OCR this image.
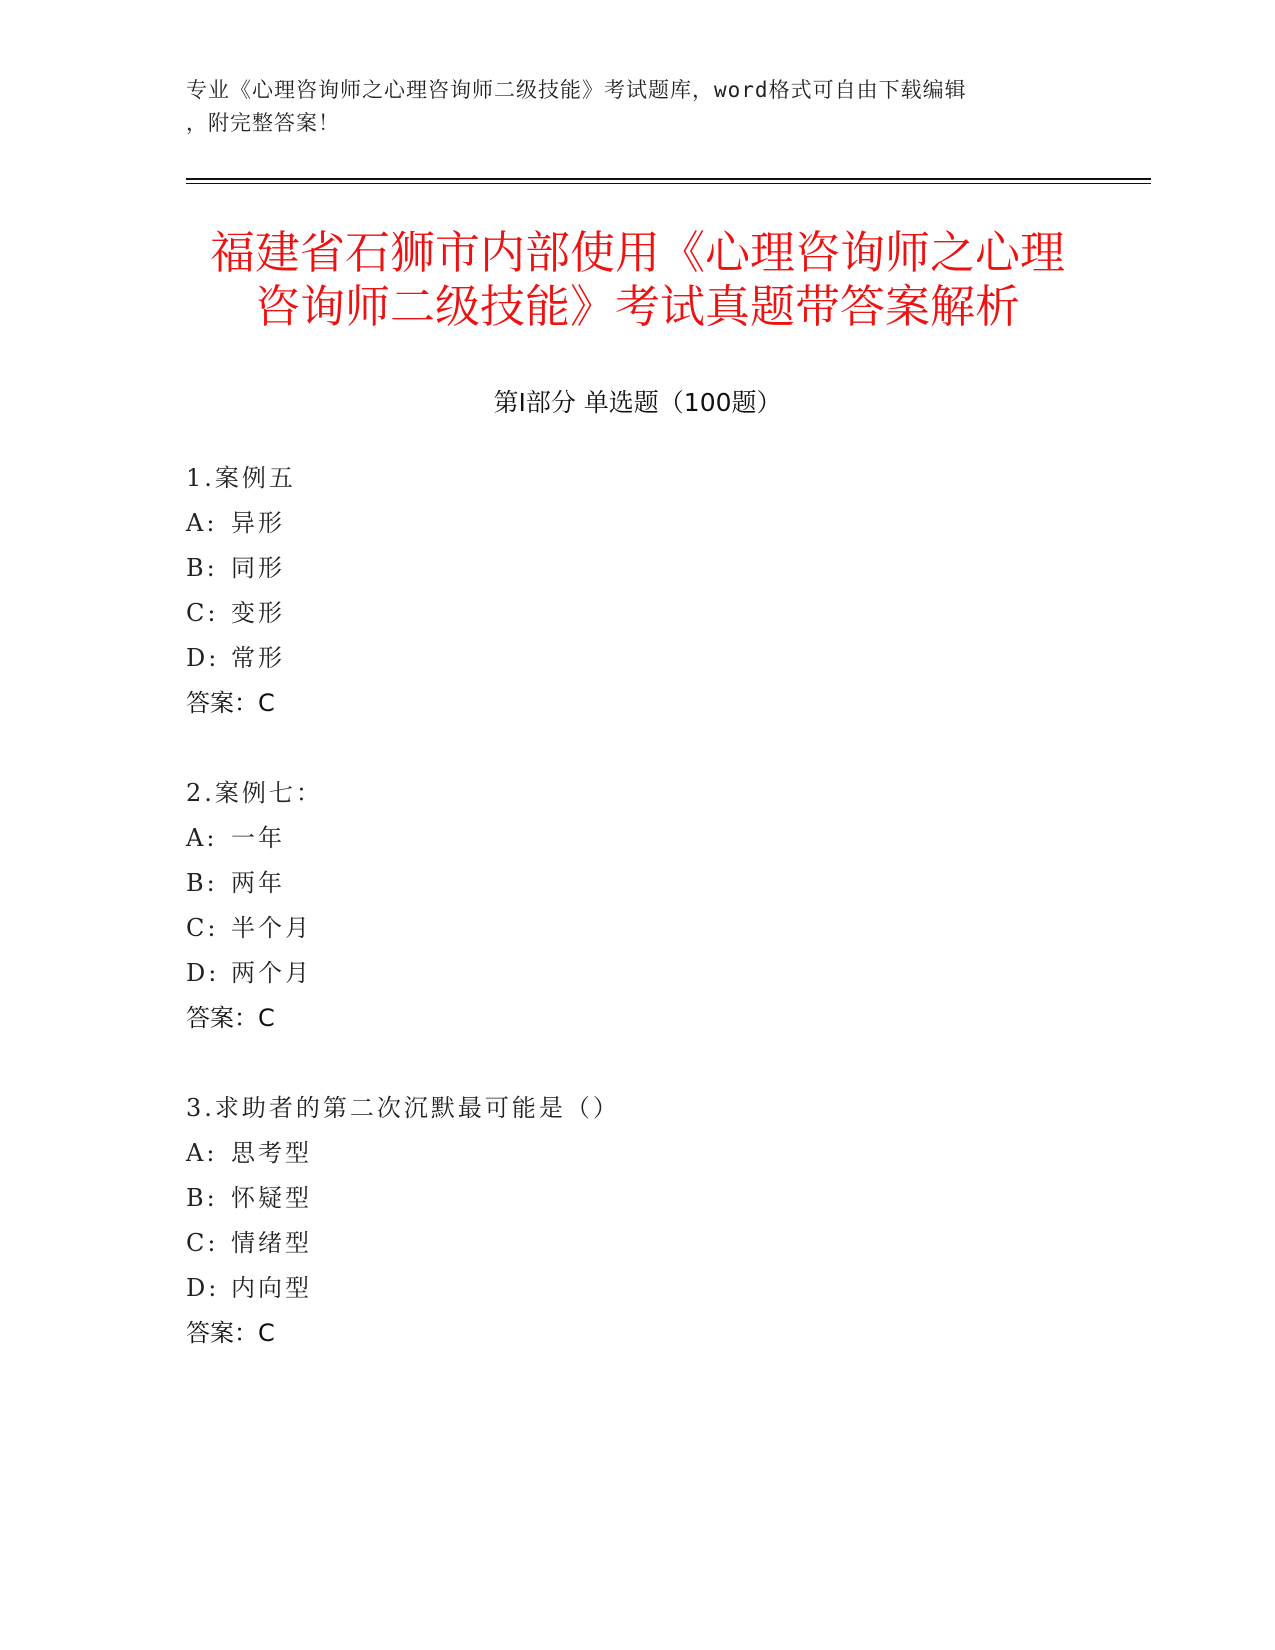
专业《心理咨询师之心理咨询师二级技能》考试题库，word格式可自由下载编辑
，附完整答案！
福建省石狮市内部使用《心理咨询师之心理
咨询师二级技能》考试真题带答案解析
第Ⅰ部分 单选题（100题）
1.案例五
A: 异形
B: 同形
C: 变形
D: 常形
答案：C
2.案例七：
A: 一年
B: 两年
C: 半个月
D: 两个月
答案：C
3.求助者的第二次沉默最可能是（）
A: 思考型
B: 怀疑型
C: 情绪型
D: 内向型
答案：C
